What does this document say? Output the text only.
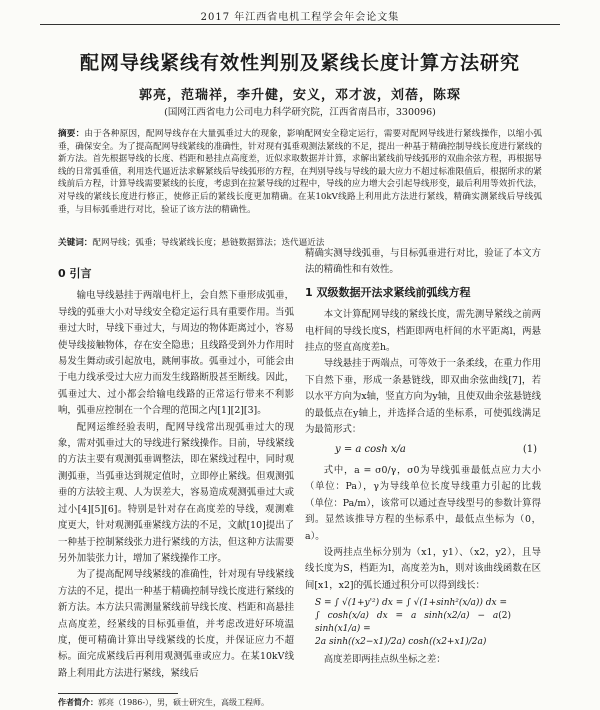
2017 年江西省电机工程学会年会论文集
配网导线紧线有效性判别及紧线长度计算方法研究
郭亮，范瑞祥，李升健，安义，邓才波，刘蓓，陈琛
(国网江西省电力公司电力科学研究院，江西省南昌市，330096)
摘要：由于各种原因，配网导线存在大量弧垂过大的现象，影响配网安全稳定运行，需要对配网导线进行紧线操作，以缩小弧垂，确保安全。为了提高配网导线紧线的准确性，针对现有弧垂观测法紧线的不足，提出一种基于精确控制导线长度进行紧线的新方法。首先根据导线的长度、档距和悬挂点高度差，近似求取数据并计算，求解出紧线前导线弧形的双曲余弦方程，再根据导线的日常弧垂值，利用迭代逼近法求解紧线后导线弧形的方程，在判别导线与导线的最大应力不超过标准限值后，根据所求的紧线前后方程，计算导线需要紧线的长度，考虑到在拉紧导线的过程中，导线的应力增大会引起导线形变，最后利用等效折代法，对导线的紧线长度进行修正，使修正后的紧线长度更加精确。在某10kV线路上利用此方法进行紧线，精确实测紧线后导线弧垂，与目标弧垂进行对比，验证了该方法的精确性。
关键词：配网导线；弧垂；导线紧线长度；悬链数据算法；迭代逼近法
0 引言

输电导线悬挂于两端电杆上，会自然下垂形成弧垂，导线的弧垂大小对导线安全稳定运行具有重要作用。当弧垂过大时，导线下垂过大，与周边的物体距离过小，容易使导线接触物体，存在安全隐患；且线路受到外力作用时易发生舞动或引起放电，跳闸事故。弧垂过小，可能会由于电力线承受过大应力而发生线路断股甚至断线。因此，弧垂过大、过小都会给输电线路的正常运行带来不利影响，弧垂应控制在一个合理的范围之内[1][2][3]。

配网运维经验表明，配网导线常出现弧垂过大的现象，需对弧垂过大的导线进行紧线操作。目前，导线紧线的方法主要有观测弧垂调整法，即在紧线过程中，同时观测弧垂，当弧垂达到规定值时，立即停止紧线。但观测弧垂的方法较主观、人为误差大，容易造成观测弧垂过大或过小[4][5][6]。特别是针对存在高度差的导线，观测难度更大，针对观测弧垂紧线方法的不足，文献[10]提出了一种基于控制紧线张力进行紧线的方法，但这种方法需要另外加装张力计，增加了紧线操作工序。

为了提高配网导线紧线的准确性，针对现有导线紧线方法的不足，提出一种基于精确控制导线长度进行紧线的新方法。本方法只需测量紧线前导线长度、档距和高悬挂点高度差，经紧线的目标弧垂值，并考虑改进好环境温度，便可精确计算出导线紧线的长度，并保证应力不超标。面完成紧线后再利用观测弧垂或应力。在某10kV线路上利用此方法进行紧线，紧线后

精确实测导线弧垂，与目标弧垂进行对比，验证了本文方法的精确性和有效性。

1 双级数据开法求紧线前弧线方程

本文计算配网导线的紧线长度，需先测导紧线之前两电杆间的导线长度S，档距即两电杆间的水平距离l，两悬挂点的竖直高度差h。

导线悬挂于两端点，可等效于一条柔线，在重力作用下自然下垂，形成一条悬链线，即双曲余弦曲线[7]，若以水平方向为x轴，竖直方向为y轴，且使双曲余弦悬链线的最低点在y轴上，并选择合适的坐标系，可使弧线满足为最简形式：

y = a cosh x/a	(1)

式中，a = σ0/γ，σ0为导线弧垂最低点应力大小（单位：Pa），γ为导线单位长度导线重力引起的比载（单位：Pa/m），该常可以通过查导线型号的参数计算得到。显然该推导方程的坐标系中，最低点坐标为（0，a）。

设两挂点坐标分别为（x1，y1）、（x2，y2），且导线长度为S，档距为l，高度差为h，则对该曲线函数在区间[x1，x2]的弧长通过积分可以得到线长：

S = ∫ √(1+y'²) dx = ∫ √(1+sinh²(x/a)) dx =
∫ cosh(x/a) dx = a sinh(x2/a) − a sinh(x1/a) =
(2)
2a sinh((x2−x1)/2a) cosh((x2+x1)/2a)

高度差即两挂点纵坐标之差：

作者简介：郭亮（1986-），男，硕士研究生，高级工程师。
